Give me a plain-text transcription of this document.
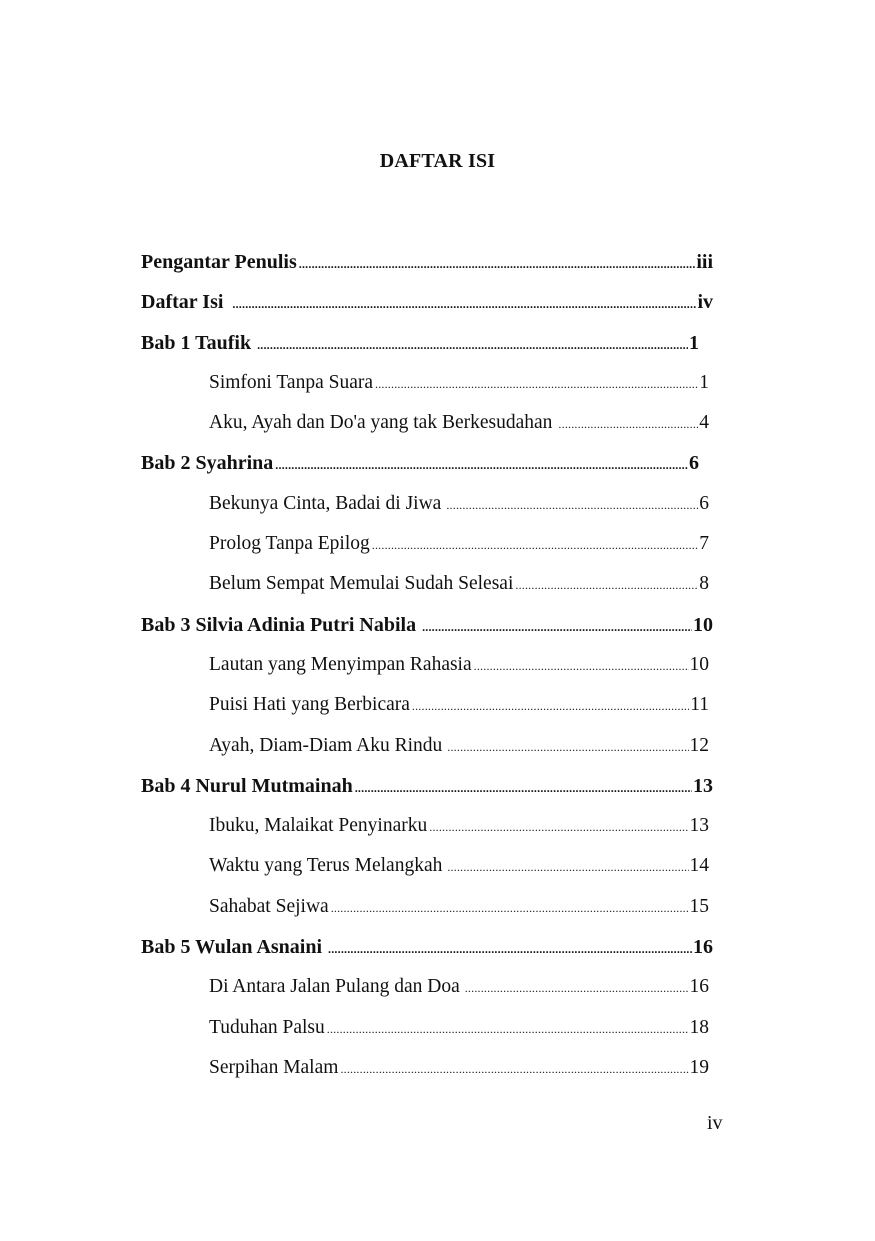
DAFTAR ISI
Pengantar Penulis .....	iii
Daftar Isi .....	iv
Bab 1 Taufik .....	1
Simfoni Tanpa Suara .....	1
Aku, Ayah dan Do'a yang tak Berkesudahan .....	4
Bab 2 Syahrina .....	6
Bekunya Cinta, Badai di Jiwa .....	6
Prolog Tanpa Epilog .....	7
Belum Sempat Memulai Sudah Selesai .....	8
Bab 3 Silvia Adinia Putri Nabila .....	10
Lautan yang Menyimpan Rahasia .....	10
Puisi Hati yang Berbicara .....	11
Ayah, Diam-Diam Aku Rindu .....	12
Bab 4 Nurul Mutmainah .....	13
Ibuku, Malaikat Penyinarku .....	13
Waktu yang Terus Melangkah .....	14
Sahabat Sejiwa .....	15
Bab 5 Wulan Asnaini .....	16
Di Antara Jalan Pulang dan Doa .....	16
Tuduhan Palsu .....	18
Serpihan Malam .....	19
iv
